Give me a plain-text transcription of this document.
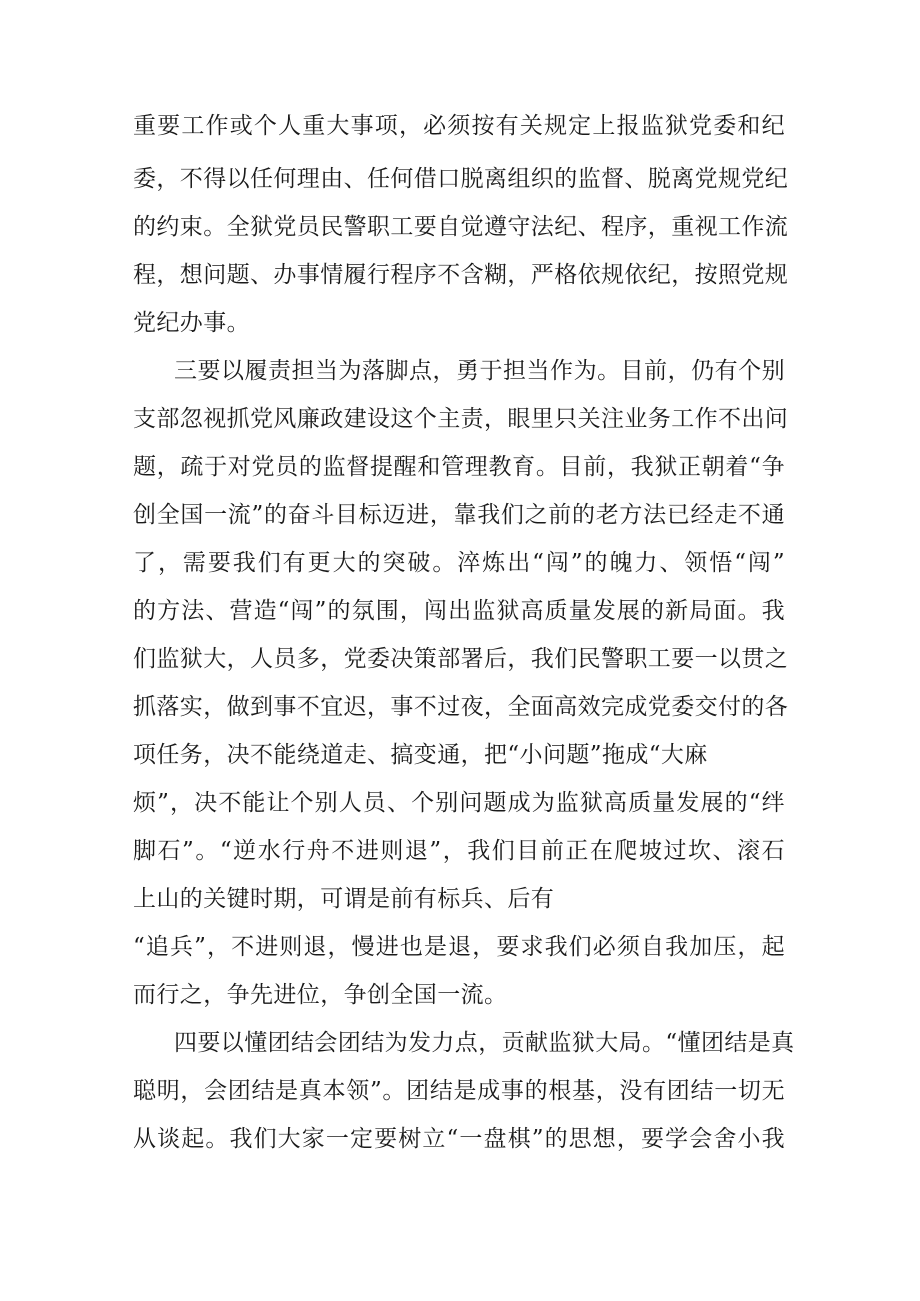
重要工作或个人重大事项，必须按有关规定上报监狱党委和纪
委，不得以任何理由、任何借口脱离组织的监督、脱离党规党纪
的约束。全狱党员民警职工要自觉遵守法纪、程序，重视工作流
程，想问题、办事情履行程序不含糊，严格依规依纪，按照党规
党纪办事。
三要以履责担当为落脚点，勇于担当作为。目前，仍有个别
支部忽视抓党风廉政建设这个主责，眼里只关注业务工作不出问
题，疏于对党员的监督提醒和管理教育。目前，我狱正朝着“争
创全国一流”的奋斗目标迈进，靠我们之前的老方法已经走不通
了，需要我们有更大的突破。淬炼出“闯”的魄力、领悟“闯”
的方法、营造“闯”的氛围，闯出监狱高质量发展的新局面。我
们监狱大，人员多，党委决策部署后，我们民警职工要一以贯之
抓落实，做到事不宜迟，事不过夜，全面高效完成党委交付的各
项任务，决不能绕道走、搞变通，把“小问题”拖成“大麻
烦”，决不能让个别人员、个别问题成为监狱高质量发展的“绊
脚石”。“逆水行舟不进则退”，我们目前正在爬坡过坎、滚石
上山的关键时期，可谓是前有标兵、后有
“追兵”，不进则退，慢进也是退，要求我们必须自我加压，起
而行之，争先进位，争创全国一流。
四要以懂团结会团结为发力点，贡献监狱大局。“懂团结是真
聪明，会团结是真本领”。团结是成事的根基，没有团结一切无
从谈起。我们大家一定要树立“一盘棋”的思想，要学会舍小我
